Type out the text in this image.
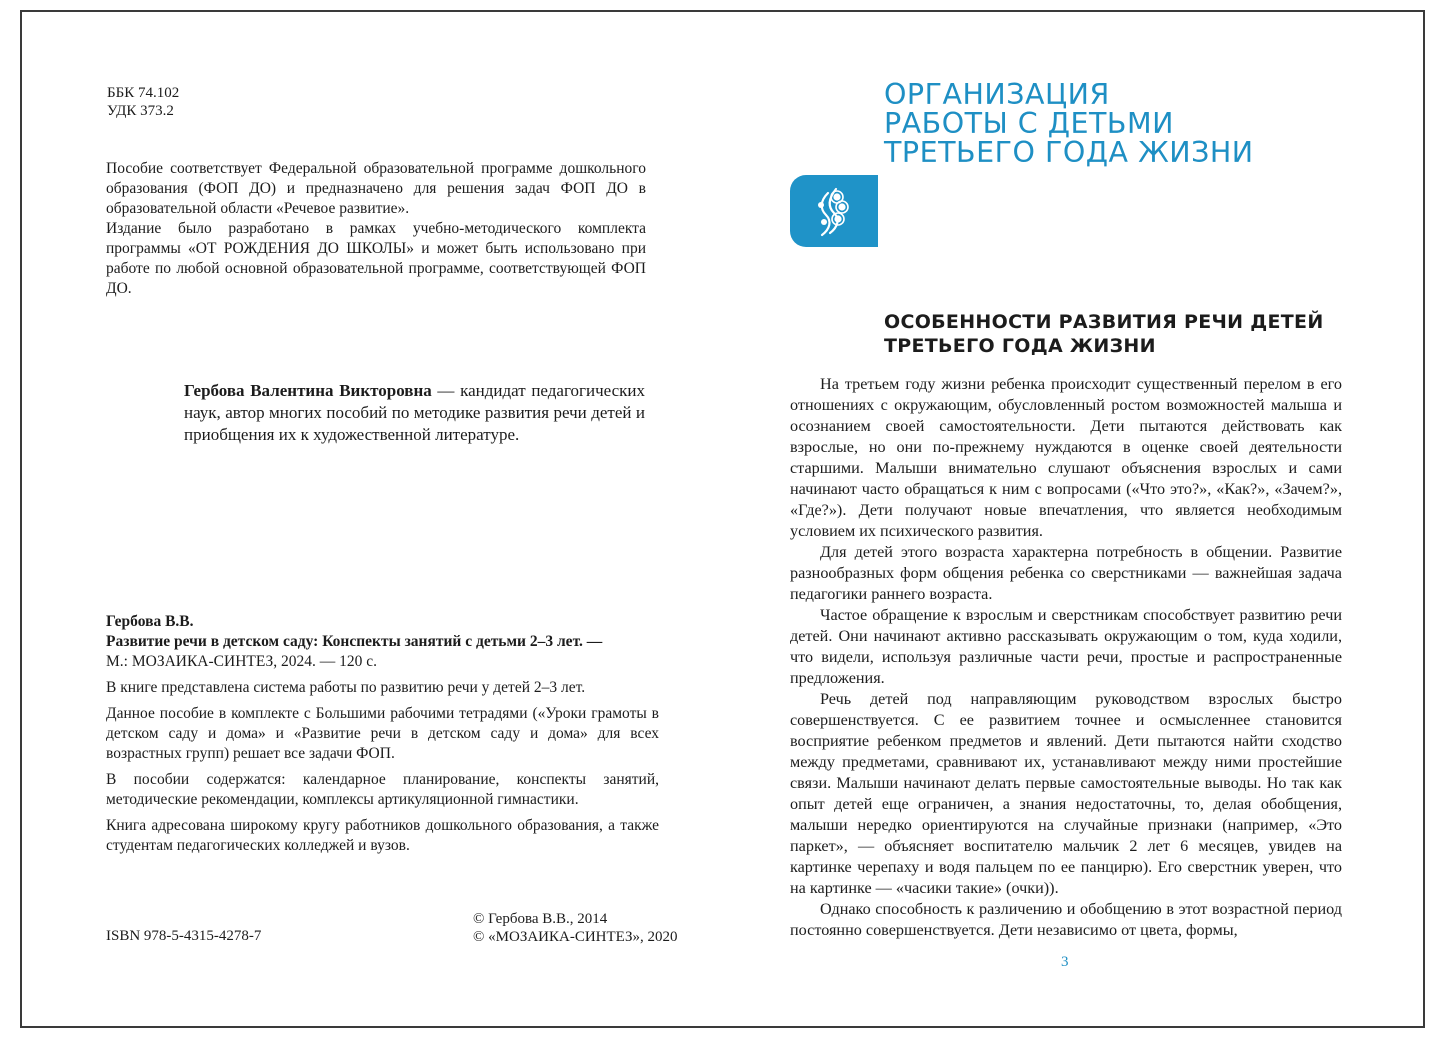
ББК 74.102
УДК 373.2

Пособие соответствует Федеральной образовательной программе дошкольного образования (ФОП ДО) и предназначено для решения задач ФОП ДО в образовательной области «Речевое развитие».

Издание было разработано в рамках учебно-методического комплекта программы «ОТ РОЖДЕНИЯ ДО ШКОЛЫ» и может быть использовано при работе по любой основной образовательной программе, соответствующей ФОП ДО.

Гербова Валентина Викторовна — кандидат педагогических наук, автор многих пособий по методике развития речи детей и приобщения их к художественной литературе.

Гербова В.В.

Развитие речи в детском саду: Конспекты занятий с детьми 2–3 лет. —

М.: МОЗАИКА-СИНТЕЗ, 2024. — 120 с.

В книге представлена система работы по развитию речи у детей 2–3 лет.

Данное пособие в комплекте с Большими рабочими тетрадями («Уроки грамоты в детском саду и дома» и «Развитие речи в детском саду и дома» для всех возрастных групп) решает все задачи ФОП.

В пособии содержатся: календарное планирование, конспекты занятий, методические рекомендации, комплексы артикуляционной гимнастики.

Книга адресована широкому кругу работников дошкольного образования, а также студентам педагогических колледжей и вузов.

ISBN 978-5-4315-4278-7
© Гербова В.В., 2014
© «МОЗАИКА-СИНТЕЗ», 2020
ОРГАНИЗАЦИЯ
РАБОТЫ С ДЕТЬМИ
ТРЕТЬЕГО ГОДА ЖИЗНИ
ОСОБЕННОСТИ РАЗВИТИЯ РЕЧИ ДЕТЕЙ
ТРЕТЬЕГО ГОДА ЖИЗНИ

На третьем году жизни ребенка происходит существенный перелом в его отношениях с окружающим, обусловленный ростом возможностей малыша и осознанием своей самостоятельности. Дети пытаются действовать как взрослые, но они по-прежнему нуждаются в оценке своей деятельности старшими. Малыши внимательно слушают объяснения взрослых и сами начинают часто обращаться к ним с вопросами («Что это?», «Как?», «Зачем?», «Где?»). Дети получают новые впечатления, что является необходимым условием их психического развития.

Для детей этого возраста характерна потребность в общении. Развитие разнообразных форм общения ребенка со сверстниками — важнейшая задача педагогики раннего возраста.

Частое обращение к взрослым и сверстникам способствует развитию речи детей. Они начинают активно рассказывать окружающим о том, куда ходили, что видели, используя различные части речи, простые и распространенные предложения.

Речь детей под направляющим руководством взрослых быстро совершенствуется. С ее развитием точнее и осмысленнее становится восприятие ребенком предметов и явлений. Дети пытаются найти сходство между предметами, сравнивают их, устанавливают между ними простейшие связи. Малыши начинают делать первые самостоятельные выводы. Но так как опыт детей еще ограничен, а знания недостаточны, то, делая обобщения, малыши нередко ориентируются на случайные признаки (например, «Это паркет», — объясняет воспитателю мальчик 2 лет 6 месяцев, увидев на картинке черепаху и водя пальцем по ее панцирю). Его сверстник уверен, что на картинке — «часики такие» (очки)).

Однако способность к различению и обобщению в этот возрастной период постоянно совершенствуется. Дети независимо от цвета, формы,

3
